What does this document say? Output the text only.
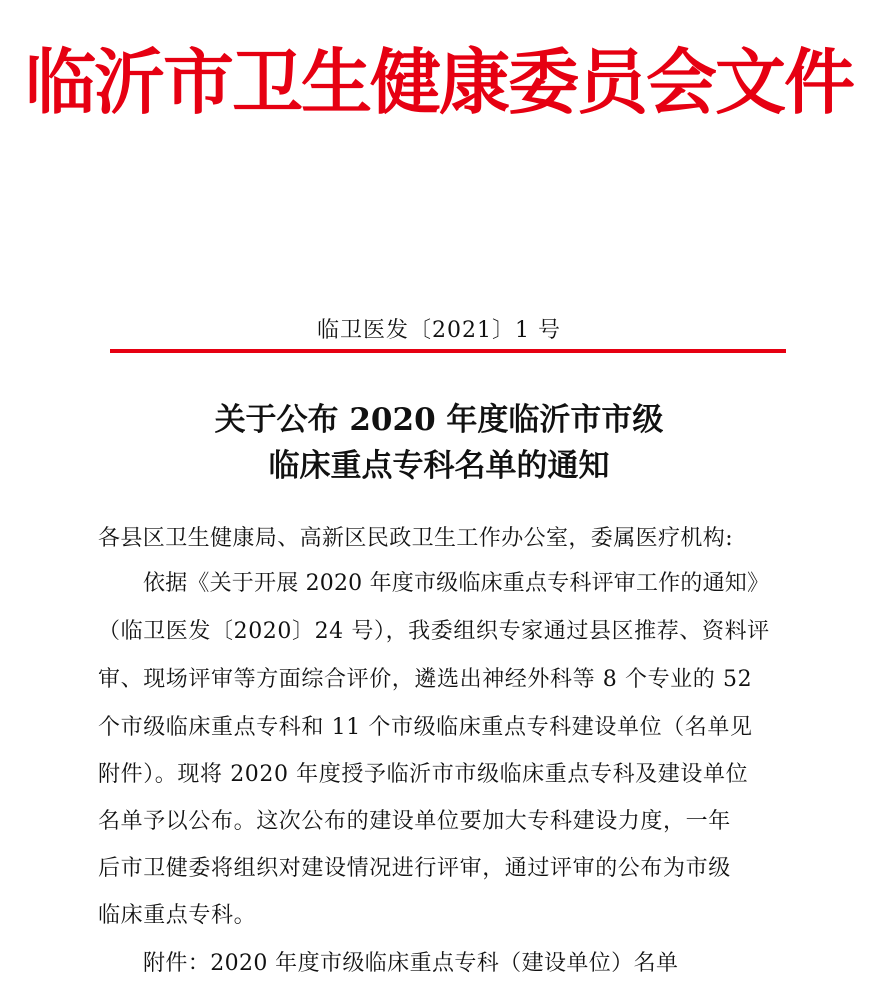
临沂市卫生健康委员会文件
临卫医发〔2021〕1 号
关于公布 2020 年度临沂市市级
临床重点专科名单的通知
各县区卫生健康局、高新区民政卫生工作办公室，委属医疗机构:
依据《关于开展 2020 年度市级临床重点专科评审工作的通知》
（临卫医发〔2020〕24 号），我委组织专家通过县区推荐、资料评
审、现场评审等方面综合评价，遴选出神经外科等 8 个专业的 52
个市级临床重点专科和 11 个市级临床重点专科建设单位（名单见
附件）。现将 2020 年度授予临沂市市级临床重点专科及建设单位
名单予以公布。这次公布的建设单位要加大专科建设力度，一年
后市卫健委将组织对建设情况进行评审，通过评审的公布为市级
临床重点专科。
附件：2020 年度市级临床重点专科（建设单位）名单
